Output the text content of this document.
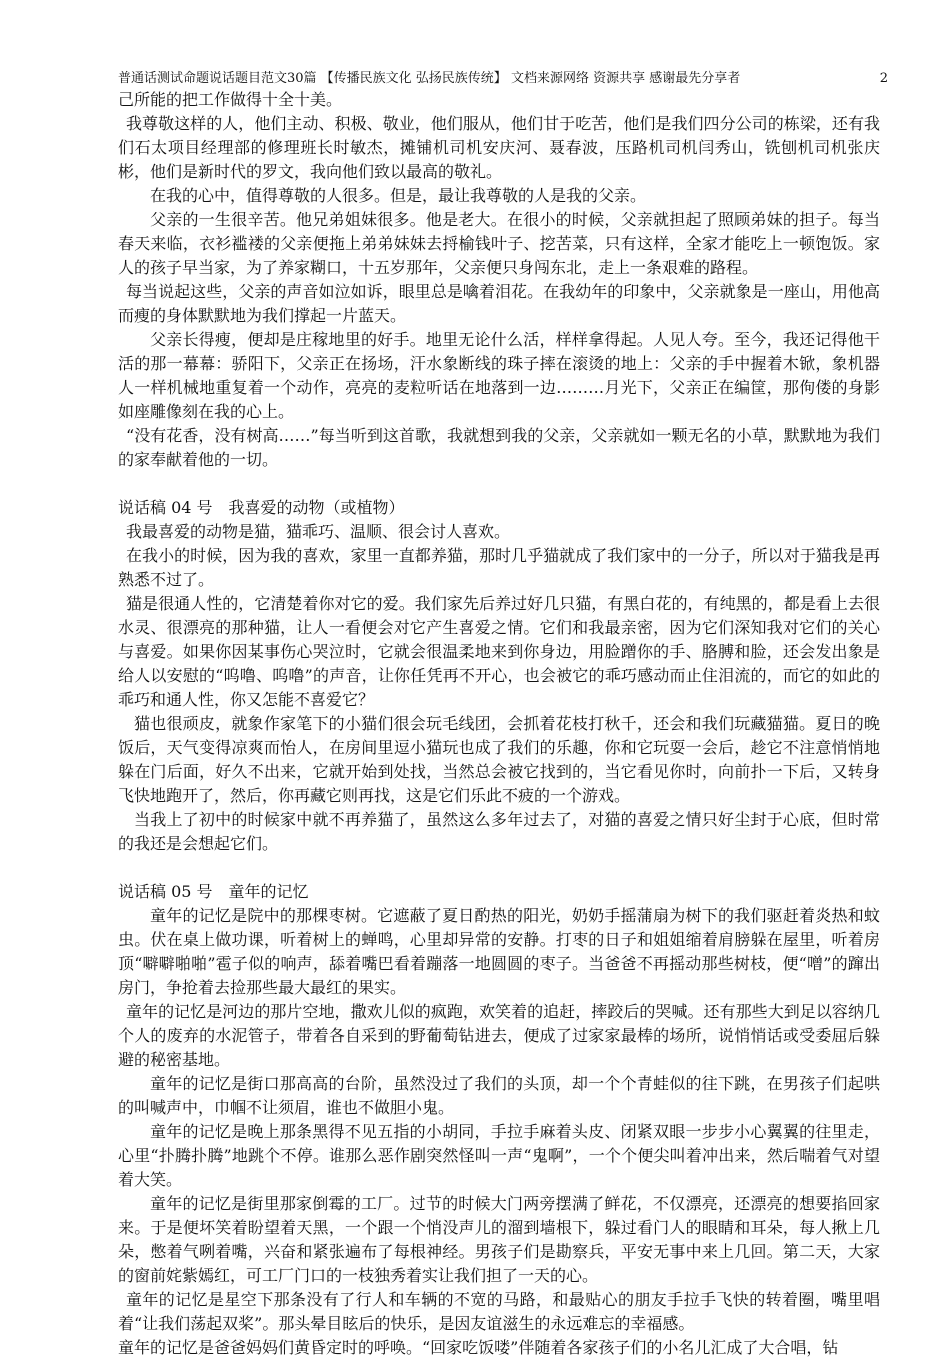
普通话测试命题说话题目范文30篇 【传播民族文化 弘扬民族传统】 文档来源网络 资源共享 感谢最先分享者	2

己所能的把工作做得十全十美。

我尊敬这样的人，他们主动、积极、敬业，他们服从，他们甘于吃苦，他们是我们四分公司的栋梁，还有我们石太项目经理部的修理班长时敏杰，摊铺机司机安庆河、聂春波，压路机司机闫秀山，铣刨机司机张庆彬，他们是新时代的罗文，我向他们致以最高的敬礼。

在我的心中，值得尊敬的人很多。但是，最让我尊敬的人是我的父亲。

父亲的一生很辛苦。他兄弟姐妹很多。他是老大。在很小的时候，父亲就担起了照顾弟妹的担子。每当春天来临，衣衫褴褛的父亲便拖上弟弟妹妹去捋榆钱叶子、挖苦菜，只有这样，全家才能吃上一顿饱饭。家人的孩子早当家，为了养家糊口，十五岁那年，父亲便只身闯东北，走上一条艰难的路程。

每当说起这些，父亲的声音如泣如诉，眼里总是噙着泪花。在我幼年的印象中，父亲就象是一座山，用他高而瘦的身体默默地为我们撑起一片蓝天。

父亲长得瘦，便却是庄稼地里的好手。地里无论什么活，样样拿得起。人见人夸。至今，我还记得他干活的那一幕幕：骄阳下，父亲正在扬场，汗水象断线的珠子摔在滚烫的地上：父亲的手中握着木锨，象机器人一样机械地重复着一个动作，亮亮的麦粒听话在地落到一边………月光下，父亲正在编筐，那佝偻的身影如座雕像刻在我的心上。

“没有花香，没有树高……”每当听到这首歌，我就想到我的父亲，父亲就如一颗无名的小草，默默地为我们的家奉献着他的一切。

说话稿 04 号　我喜爱的动物（或植物）

我最喜爱的动物是猫，猫乖巧、温顺、很会讨人喜欢。

在我小的时候，因为我的喜欢，家里一直都养猫，那时几乎猫就成了我们家中的一分子，所以对于猫我是再熟悉不过了。

猫是很通人性的，它清楚着你对它的爱。我们家先后养过好几只猫，有黑白花的，有纯黑的，都是看上去很水灵、很漂亮的那种猫，让人一看便会对它产生喜爱之情。它们和我最亲密，因为它们深知我对它们的关心与喜爱。如果你因某事伤心哭泣时，它就会很温柔地来到你身边，用脸蹭你的手、胳膊和脸，还会发出象是给人以安慰的“呜噜、呜噜”的声音，让你任凭再不开心，也会被它的乖巧感动而止住泪流的，而它的如此的乖巧和通人性，你又怎能不喜爱它？

猫也很顽皮，就象作家笔下的小猫们很会玩毛线团，会抓着花枝打秋千，还会和我们玩藏猫猫。夏日的晚饭后，天气变得凉爽而怡人，在房间里逗小猫玩也成了我们的乐趣，你和它玩耍一会后，趁它不注意悄悄地躲在门后面，好久不出来，它就开始到处找，当然总会被它找到的，当它看见你时，向前扑一下后，又转身飞快地跑开了，然后，你再藏它则再找，这是它们乐此不疲的一个游戏。

当我上了初中的时候家中就不再养猫了，虽然这么多年过去了，对猫的喜爱之情只好尘封于心底，但时常的我还是会想起它们。

说话稿 05 号　童年的记忆

童年的记忆是院中的那棵枣树。它遮蔽了夏日酌热的阳光，奶奶手摇蒲扇为树下的我们驱赶着炎热和蚊虫。伏在桌上做功课，听着树上的蝉鸣，心里却异常的安静。打枣的日子和姐姐缩着肩膀躲在屋里，听着房顶“噼噼啪啪”雹子似的响声，舔着嘴巴看着蹦落一地圆圆的枣子。当爸爸不再摇动那些树枝，便“噌”的蹿出房门，争抢着去捡那些最大最红的果实。

童年的记忆是河边的那片空地，撒欢儿似的疯跑，欢笑着的追赶，摔跤后的哭喊。还有那些大到足以容纳几个人的废弃的水泥管子，带着各自采到的野葡萄钻进去，便成了过家家最棒的场所，说悄悄话或受委屈后躲避的秘密基地。

童年的记忆是街口那高高的台阶，虽然没过了我们的头顶，却一个个青蛙似的往下跳，在男孩子们起哄的叫喊声中，巾帼不让须眉，谁也不做胆小鬼。

童年的记忆是晚上那条黑得不见五指的小胡同，手拉手麻着头皮、闭紧双眼一步步小心翼翼的往里走，心里“扑腾扑腾”地跳个不停。谁那么恶作剧突然怪叫一声“鬼啊”，一个个便尖叫着冲出来，然后喘着气对望着大笑。

童年的记忆是街里那家倒霉的工厂。过节的时候大门两旁摆满了鲜花，不仅漂亮，还漂亮的想要掐回家来。于是便坏笑着盼望着天黑，一个跟一个悄没声儿的溜到墙根下，躲过看门人的眼睛和耳朵，每人揪上几朵，憋着气咧着嘴，兴奋和紧张遍布了每根神经。男孩子们是勘察兵，平安无事中来上几回。第二天，大家的窗前姹紫嫣红，可工厂门口的一枝独秀着实让我们担了一天的心。

童年的记忆是星空下那条没有了行人和车辆的不宽的马路，和最贴心的朋友手拉手飞快的转着圈，嘴里唱着“让我们荡起双桨”。那头晕目眩后的快乐，是因友谊滋生的永远难忘的幸福感。

童年的记忆是爸爸妈妈们黄昏定时的呼唤。“回家吃饭喽”伴随着各家孩子们的小名儿汇成了大合唱，钻
